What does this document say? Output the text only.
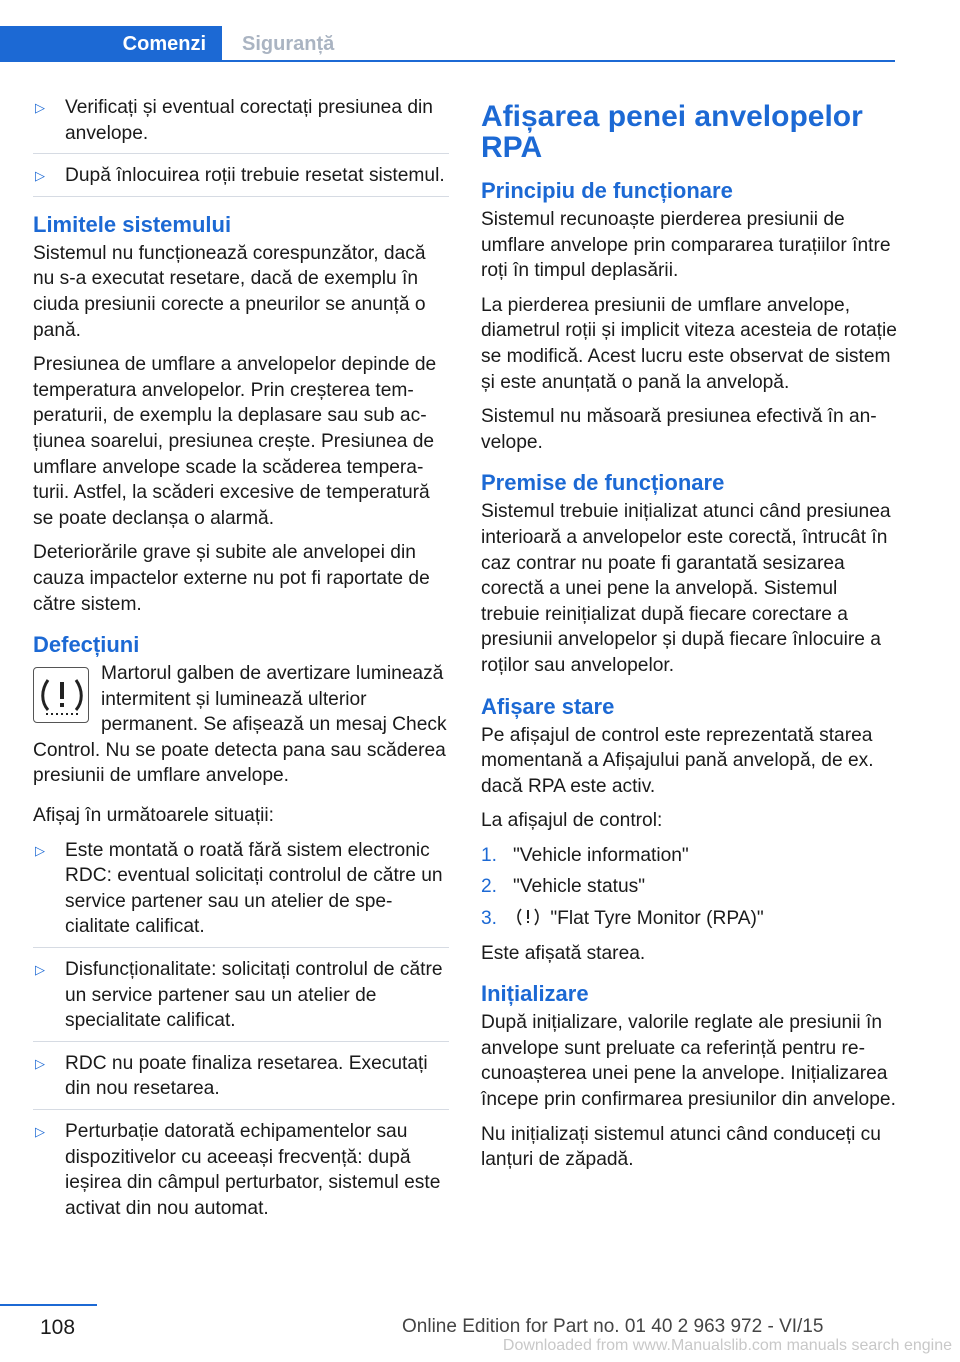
Comenzi	Siguranță
▷ Verificați și eventual corectați presiunea din anvelope.
▷ După înlocuirea roții trebuie resetat sistemul.
Limitele sistemului

Sistemul nu funcționează corespunzător, dacă nu s-a executat resetare, dacă de exemplu în ciuda presiunii corecte a pneurilor se anunță o pană.

Presiunea de umflare a anvelopelor depinde de temperatura anvelopelor. Prin creșterea temperaturii, de exemplu la deplasare sau sub acțiunea soarelui, presiunea crește. Presiunea de umflare anvelope scade la scăderea temperaturii. Astfel, la scăderi excesive de temperatură se poate declanșa o alarmă.

Deteriorările grave și subite ale anvelopei din cauza impactelor externe nu pot fi raportate de către sistem.

Defecțiuni

Martorul galben de avertizare luminează intermitent și luminează ulterior permanent. Se afișează un mesaj Check Control. Nu se poate detecta pana sau scăderea presiunii de umflare anvelope.

Afișaj în următoarele situații:

▷ Este montată o roată fără sistem electronic RDC: eventual solicitați controlul de către un service partener sau un atelier de specialitate calificat.
▷ Disfuncționalitate: solicitați controlul de către un service partener sau un atelier de specialitate calificat.
▷ RDC nu poate finaliza resetarea. Executați din nou resetarea.
▷ Perturbație datorată echipamentelor sau dispozitivelor cu aceeași frecvență: după ieșirea din câmpul perturbator, sistemul este activat din nou automat.
Afișarea penei anvelopelor RPA
Principiu de funcționare

Sistemul recunoaște pierderea presiunii de umflare anvelope prin compararea turațiilor între roți în timpul deplasării.

La pierderea presiunii de umflare anvelope, diametrul roții și implicit viteza acesteia de rotație se modifică. Acest lucru este observat de sistem și este anunțată o pană la anvelopă.

Sistemul nu măsoară presiunea efectivă în anvelope.

Premise de funcționare

Sistemul trebuie inițializat atunci când presiunea interioară a anvelopelor este corectă, întrucât în caz contrar nu poate fi garantată sesizarea corectă a unei pene la anvelopă. Sistemul trebuie reinițializat după fiecare corectare a presiunii anvelopelor și după fiecare înlocuire a roților sau anvelopelor.

Afișare stare

Pe afișajul de control este reprezentată starea momentană a Afișajului pană anvelopă, de ex. dacă RPA este activ.

La afișajul de control:

1. "Vehicle information"
2. "Vehicle status"
3.	"Flat Tyre Monitor (RPA)"

Este afișată starea.

Inițializare

După inițializare, valorile reglate ale presiunii în anvelope sunt preluate ca referință pentru recunoașterea unei pene la anvelope. Inițializarea începe prin confirmarea presiunilor din anvelope.

Nu inițializați sistemul atunci când conduceți cu lanțuri de zăpadă.

108	Online Edition for Part no. 01 40 2 963 972 - VI/15
Downloaded from www.Manualslib.com manuals search engine
